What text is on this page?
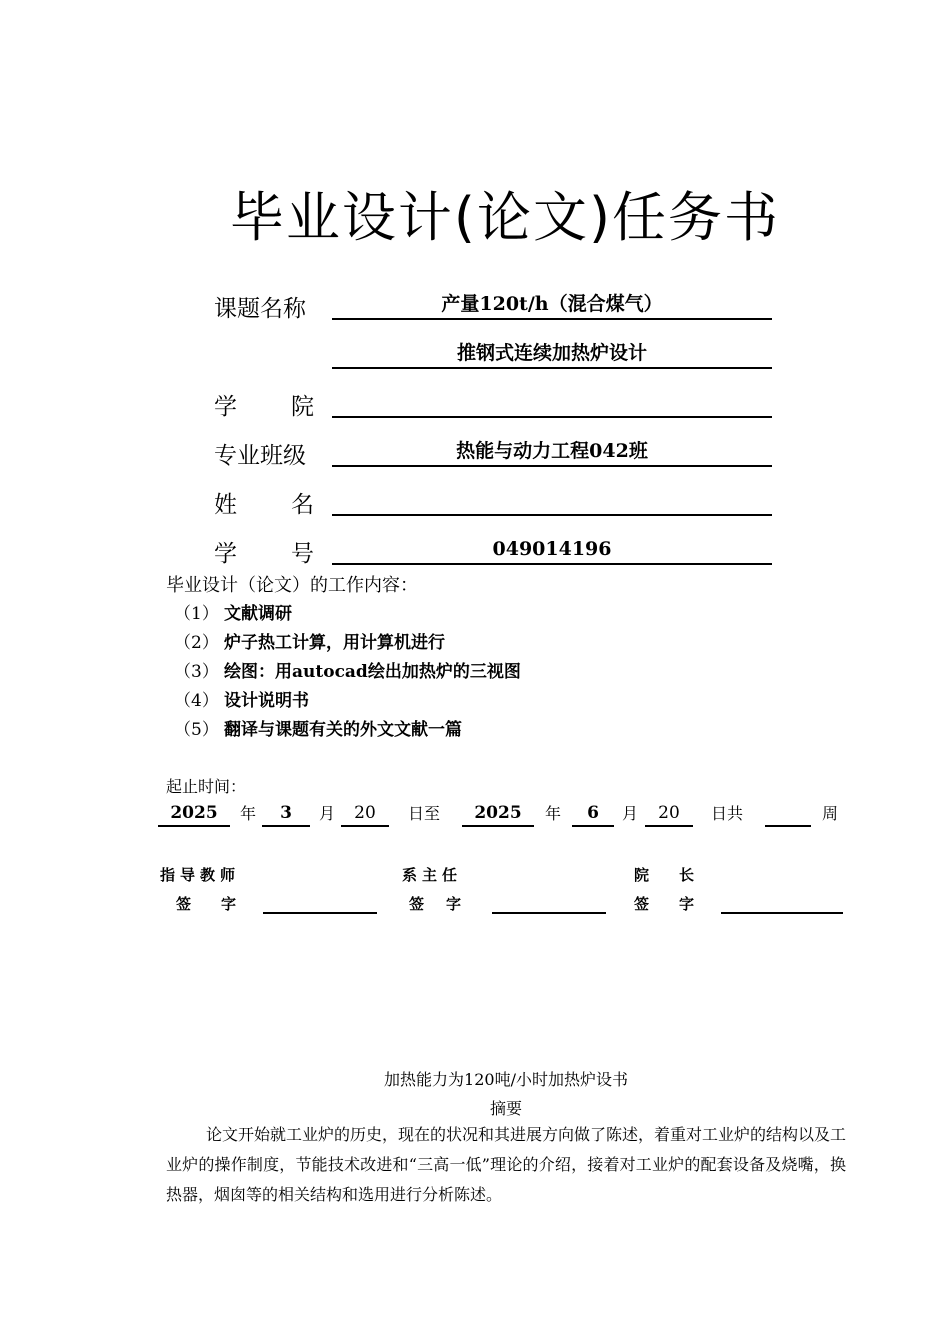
毕业设计(论文)任务书
课题名称	产量120t/h（混合煤气）
推钢式连续加热炉设计
学 院
专业班级	热能与动力工程042班
姓 名
学 号	049014196
毕业设计（论文）的工作内容：
（1） 文献调研
（2） 炉子热工计算，用计算机进行
（3） 绘图：用autocad绘出加热炉的三视图
（4） 设计说明书
（5） 翻译与课题有关的外文文献一篇
起止时间：
2025	年	3	月	20	日至	2025	年	6	月	20	日共	周
指导教师	系主任	院 长
签 字	签 字	签 字
加热能力为120吨/小时加热炉设书
摘要
论文开始就工业炉的历史，现在的状况和其进展方向做了陈述，着重对工业炉的结构以及工业炉的操作制度，节能技术改进和“三高一低”理论的介绍，接着对工业炉的配套设备及烧嘴，换热器，烟囱等的相关结构和选用进行分析陈述。
